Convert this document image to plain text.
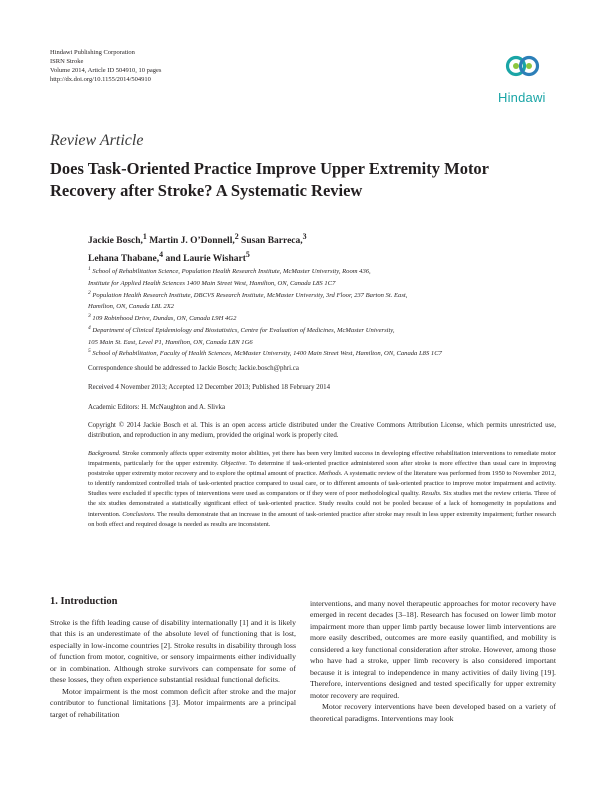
Hindawi Publishing Corporation
ISRN Stroke
Volume 2014, Article ID 504910, 10 pages
http://dx.doi.org/10.1155/2014/504910
Hindawi
Review Article
Does Task-Oriented Practice Improve Upper Extremity Motor
Recovery after Stroke? A Systematic Review
Jackie Bosch,$^1$ Martin J. O’Donnell,$^2$ Susan Barreca,$^3$
Lehana Thabane,$^4$ and Laurie Wishart$^5$
$^1$ School of Rehabilitation Science, Population Health Research Institute, McMaster University, Room 436,
Institute for Applied Health Sciences 1400 Main Street West, Hamilton, ON, Canada L8S 1C7
$^2$ Population Health Research Institute, DBCVS Research Institute, McMaster University, 3rd Floor, 237 Barton St. East,
Hamilton, ON, Canada L8L 2X2
$^3$ 109 Robinhood Drive, Dundas, ON, Canada L9H 4G2
$^4$ Department of Clinical Epidemiology and Biostatistics, Centre for Evaluation of Medicines, McMaster University,
105 Main St. East, Level P1, Hamilton, ON, Canada L8N 1G6
$^5$ School of Rehabilitation, Faculty of Health Sciences, McMaster University, 1400 Main Street West, Hamilton, ON, Canada L8S 1C7
Correspondence should be addressed to Jackie Bosch; Jackie.bosch@phri.ca
Received 4 November 2013; Accepted 12 December 2013; Published 18 February 2014
Academic Editors: H. McNaughton and A. Slivka
Copyright © 2014 Jackie Bosch et al. This is an open access article distributed under the Creative Commons Attribution License, which permits unrestricted use, distribution, and reproduction in any medium, provided the original work is properly cited.
Background. Stroke commonly affects upper extremity motor abilities, yet there has been very limited success in developing effective rehabilitation interventions to remediate motor impairments, particularly for the upper extremity. Objective. To determine if task-oriented practice administered soon after stroke is more effective than usual care in improving poststroke upper extremity motor recovery and to explore the optimal amount of practice. Methods. A systematic review of the literature was performed from 1950 to November 2012, to identify randomized controlled trials of task-oriented practice compared to usual care, or to different amounts of task-oriented practice to improve motor impairment and activity. Studies were excluded if specific types of interventions were used as comparators or if they were of poor methodological quality. Results. Six studies met the review criteria. Three of the six studies demonstrated a statistically significant effect of task-oriented practice. Study results could not be pooled because of a lack of homogeneity in populations and intervention. Conclusions. The results demonstrate that an increase in the amount of task-oriented practice after stroke may result in less upper extremity impairment; further research on both effect and required dosage is needed as results are inconsistent.
1. Introduction

Stroke is the fifth leading cause of disability internationally [1] and it is likely that this is an underestimate of the absolute level of functioning that is lost, especially in low-income countries [2]. Stroke results in disability through loss of function from motor, cognitive, or sensory impairments either individually or in combination. Although stroke survivors can compensate for some of these losses, they often experience substantial residual functional deficits.

Motor impairment is the most common deficit after stroke and the major contributor to functional limitations [3]. Motor impairments are a principal target of rehabilitation

interventions, and many novel therapeutic approaches for motor recovery have emerged in recent decades [3–18]. Research has focused on lower limb motor impairment more than upper limb partly because lower limb interventions are more easily described, outcomes are more easily quantified, and mobility is considered a key functional consideration after stroke. However, among those who have had a stroke, upper limb recovery is also considered important because it is integral to independence in many activities of daily living [19]. Therefore, interventions designed and tested specifically for upper extremity motor recovery are required.

Motor recovery interventions have been developed based on a variety of theoretical paradigms. Interventions may look
